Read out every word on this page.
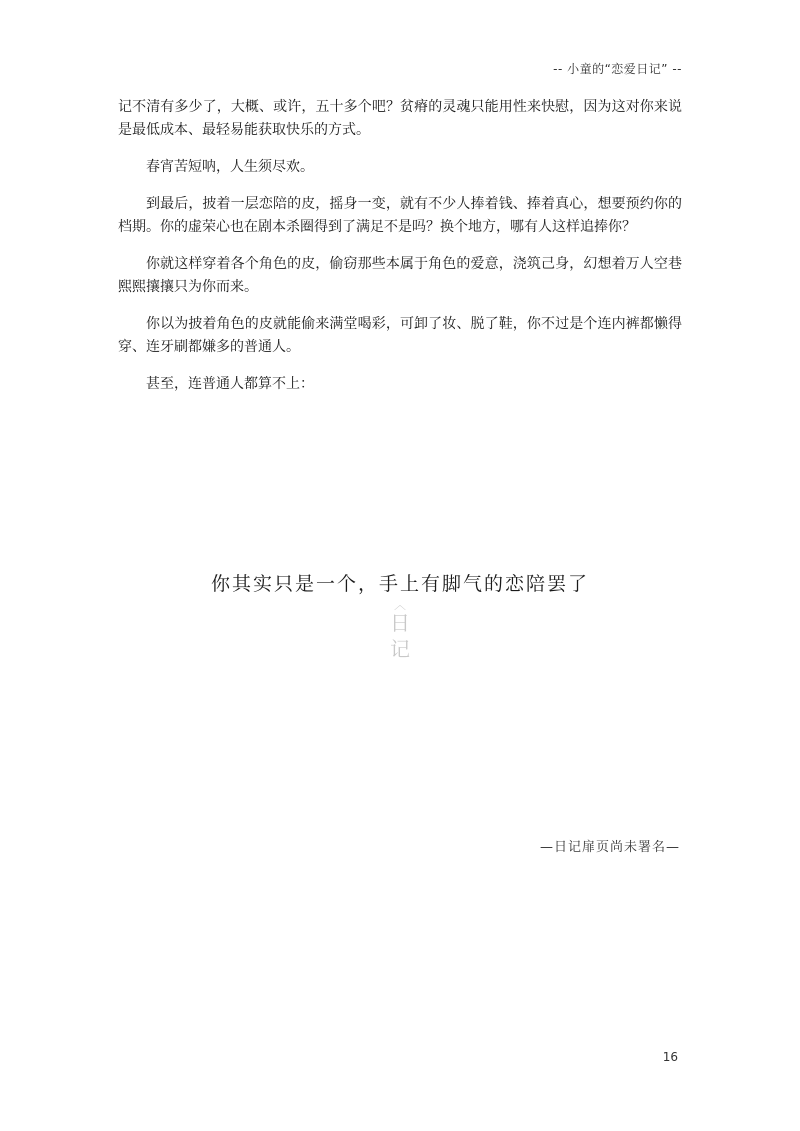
-- 小童的“恋爱日记” --

记不清有多少了，大概、或许，五十多个吧？贫瘠的灵魂只能用性来快慰，因为这对你来说是最低成本、最轻易能获取快乐的方式。

春宵苦短呐，人生须尽欢。

到最后，披着一层恋陪的皮，摇身一变，就有不少人捧着钱、捧着真心，想要预约你的档期。你的虚荣心也在剧本杀圈得到了满足不是吗？换个地方，哪有人这样追捧你？

你就这样穿着各个角色的皮，偷窃那些本属于角色的爱意，浇筑己身，幻想着万人空巷熙熙攘攘只为你而来。

你以为披着角色的皮就能偷来满堂喝彩，可卸了妆、脱了鞋，你不过是个连内裤都懒得穿、连牙刷都嫌多的普通人。

甚至，连普通人都算不上：

你其实只是一个，手上有脚气的恋陪罢了
︿
日
记
—日记扉页尚未署名—
16
